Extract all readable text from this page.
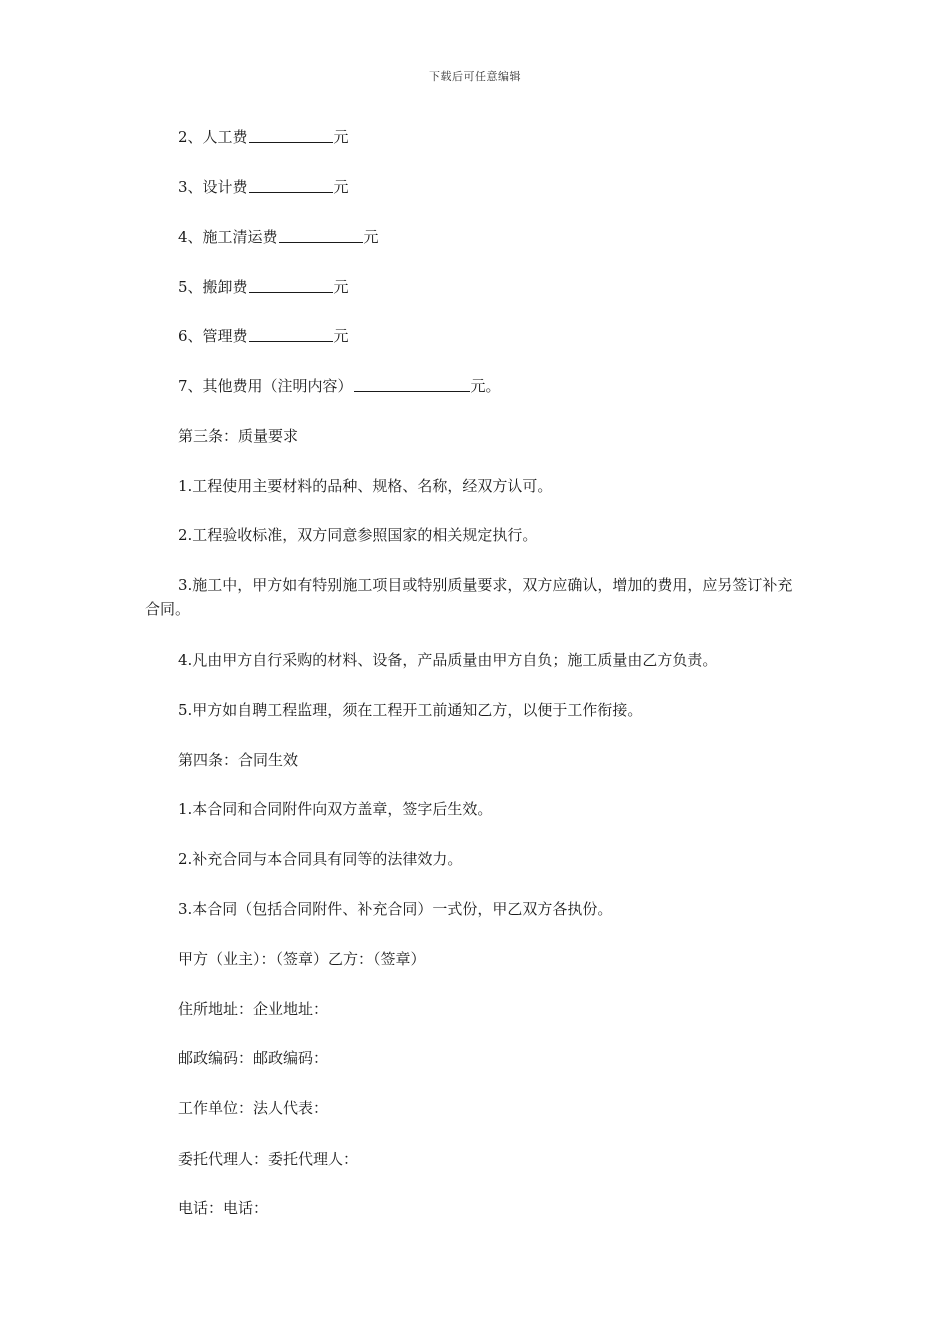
下载后可任意编辑
2、人工费	元
3、设计费	元
4、施工清运费	元
5、搬卸费	元
6、管理费	元
7、其他费用（注明内容）	元。
第三条：质量要求
1.工程使用主要材料的品种、规格、名称，经双方认可。
2.工程验收标准，双方同意参照国家的相关规定执行。
3.施工中，甲方如有特别施工项目或特别质量要求，双方应确认，增加的费用，应另签订补充合同。
4.凡由甲方自行采购的材料、设备，产品质量由甲方自负；施工质量由乙方负责。
5.甲方如自聘工程监理，须在工程开工前通知乙方，以便于工作衔接。
第四条：合同生效
1.本合同和合同附件向双方盖章，签字后生效。
2.补充合同与本合同具有同等的法律效力。
3.本合同（包括合同附件、补充合同）一式份，甲乙双方各执份。
甲方（业主）：（签章）乙方：（签章）
住所地址：企业地址：
邮政编码：邮政编码：
工作单位：法人代表：
委托代理人：委托代理人：
电话：电话：
